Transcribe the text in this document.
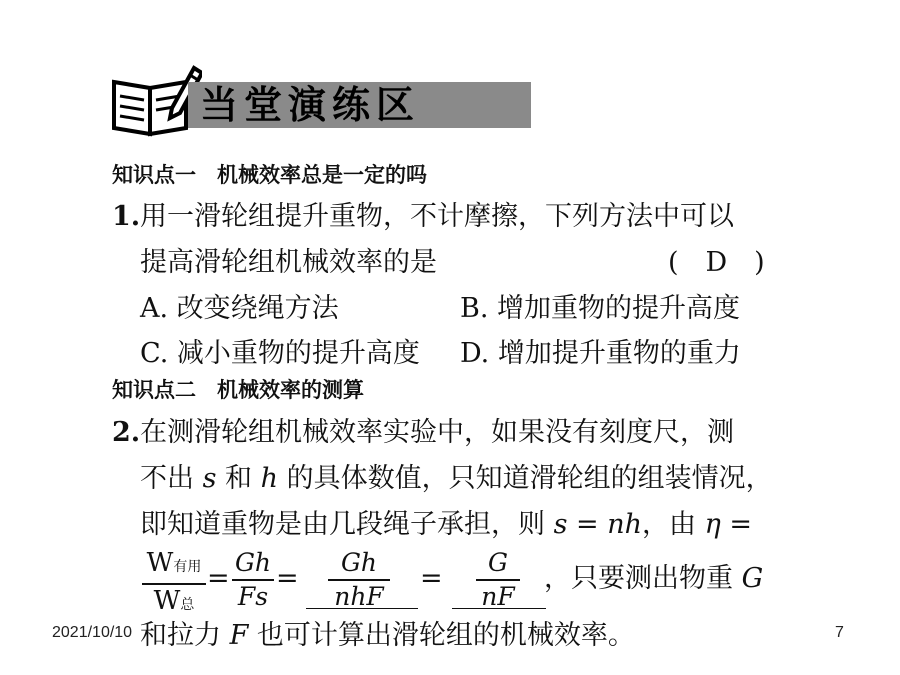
当堂演练区
知识点一　机械效率总是一定的吗
1. 用一滑轮组提升重物，不计摩擦，下列方法中可以
提高滑轮组机械效率的是	(　D　)
A. 改变绕绳方法	B. 增加重物的提升高度
C. 减小重物的提升高度 D. 增加提升重物的重力
知识点二　机械效率的测算
2. 在测滑轮组机械效率实验中，如果没有刻度尺，测
不出 s 和 h 的具体数值，只知道滑轮组的组装情况，
即知道重物是由几段绳子承担，则 s = nh，由 η =
W有用
W总
=
Gh
Fs
=
Gh
nhF
=
G
nF
，只要测出物重 G
和拉力 F 也可计算出滑轮组的机械效率。
2021/10/10	7
